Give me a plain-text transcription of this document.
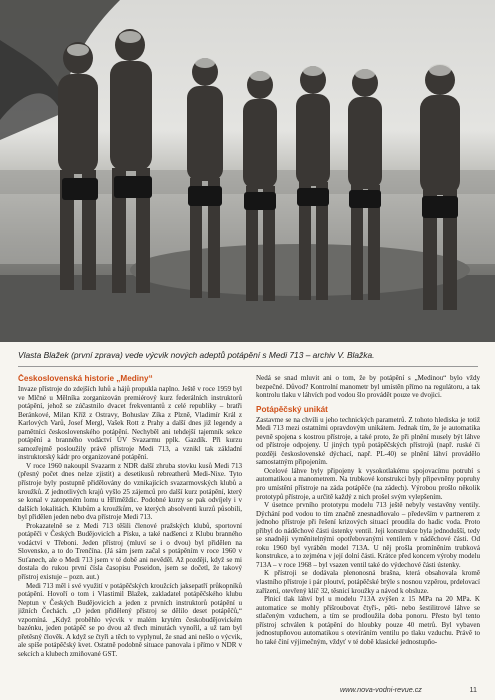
Vlasta Blažek (první zprava) vede výcvik nových adeptů potápění s Medi 713 – archiv V. Blažka.
Československá historie „Mediny“

Invaze přístroje do zdejších luhů a hájů propukla naplno. Ještě v roce 1959 byl ve Mlčné u Mělníka zorganizován premiérový kurz federálních instruktorů potápění, jehož se zúčastnilo dvacet frekventantů z celé republiky – bratři Beránkové, Milan Kříž z Ostravy, Bohuslav Zíka z Plzně, Vladimír Král z Karlových Varů, Josef Mergl, Vašek Rott z Prahy a další dnes již legendy a pamětníci československého potápění. Nechyběl ani tehdejší tajemník sekce potápění a branného vodáctví ÚV Svazarmu pplk. Gazdík. Při kurzu samozřejmě posloužily právě přístroje Medi 713, a vznikl tak základní instruktorský kádr pro organizované potápění.

V roce 1960 nakoupil Svazarm z NDR další zhruba stovku kusů Medi 713 (přesný počet dnes nelze zjistit) a desetikusů rebreatherů Medi-Nixe. Tyto přístroje byly postupně přidělovány do vznikajících svazarmovských klubů a kroužků. Z jednotlivých krajů vyšlo 25 zájemců pro další kurz potápění, který se konal v zatopeném lomu u Hřiměždic. Podobné kurzy se pak odvíjely i v dalších lokalitách. Klubům a kroužkům, ve kterých absolventi kurzů působili, byl přidělen jeden nebo dva přístroje Medi 713.

Prokazatelně se z Medi 713 těšili členové pražských klubů, sportovní potápěči v Českých Budějovicích a Písku, a také nadšenci z Klubu branného vodáctví v Třeboni. Jeden přístroj (mluví se i o dvou) byl přidělen na Slovensko, a to do Trenčína. (Já sám jsem začal s potápěním v roce 1960 v Suťanech, ale o Medi 713 jsem v té době ani nevěděl. Až později, když se mi dostala do rukou první čísla časopisu Poseidon, jsem se dočetl, že takový přístroj existuje – pozn. aut.)

Medi 713 měl i své využití v potápěčských kroužcích jaksepatří průkopníků potápění. Hovoří o tom i Vlastimil Blažek, zakladatel potápěčského klubu Neptun v Českých Budějovicích a jeden z prvních instruktorů potápění u jižních Čechách. „O jeden přidělený přístroj se dělilo deset potápěčů,“ vzpomíná. „Když proběhlo výcvik v malém krytém českobudějovickém bazénku, jeden potápěč se po dvou až třech minutách vynořil, a už tam byl přetěsný člověk. A když se čtyři a těch to vyplynul, že snad ani nešlo o výcvik, ale spíše potápěčský kvet. Ostatně podobně situace panovala i přímo v NDR v sekcích a klubech zmiňované GST.

Nedá se snad mluvit ani o tom, že by potápění s „Medinou“ bylo vždy bezpečné. Důvod? Kontrolní manometr byl umístěn přímo na regulátoru, a tak kontrolu tlaku v láhvích pod vodou šlo provádět pouze ve dvojici.

Potápěčský unikát

Zastavme se na chvíli u jeho technických parametrů. Z tohoto hlediska je totiž Medi 713 mezi ostatními opravdovým unikátem. Jednak tím, že je automatika pevně spojena s kostrou přístroje, a také proto, že při plnění musely být láhve od přístroje odpojeny. U jiných typů potápěčských přístrojů (např. ruské či později československé dýchací, např. PL-40) se plnění láhví provádělo samostatným připojením.

Ocelové láhve byly připojeny k vysokotlakému spojovacímu potrubí s automatikou a manometrem. Na trubkové konstrukci byly připevněny popruhy pro umístění přístroje na záda potápěče (na zádech). Výrobou prošlo několik prototypů přístroje, a určitě každý z nich prošel svým vylepšením.

V úsetnce prvního prototypu modelu 713 ještě nebyly vestavěny ventily. Dýchání pod vodou to tím značně znesnadňovalo – především v partnerem z jednoho přístroje při řešení krizových situací proudila do hadic voda. Proto přibyl do náděchové části ústenky ventil. Jeji konstrukce byla jednodušší, tedy se snadněji vyměnitelnými opotřebovanými ventilem v náděchové části. Od roku 1960 byl vyráběn model 713A. U něj prošla promíněním trubková konstrukce, a to zejména v její dolní části. Krátce před koncem výroby modelu 713A – v roce 1968 – byl vsazen ventil také do výdechové části ústenky.

K přístroji se dodávala plenonosná brašna, která obsahovala kromě vlastního přístroje i pár ploutví, potápěčské brýle s nosnou vzpěrou, prdelovací zařízení, otevřený klíč 32, těsnicí kroužky a návod k obsluze.

Plnicí tlak láhví byl u modelu 713A zvýšen z 15 MPa na 20 MPa. K automatice se mohly přišroubovat čtyři-, pěti- nebo šestilitrové láhve se stlačeným vzduchem, a tím se prodloužila doba ponoru. Přesto byl tento přístroj schválen k potápění do hloubky pouze 40 metrů. Byl vybaven jednostupňovou automatikou s otevíráním ventilu po tlaku vzduchu. Právě to ho také činí výjimečným, vždyť v té době klasické jednostupňo-

www.nova-vodni-revue.cz	11
